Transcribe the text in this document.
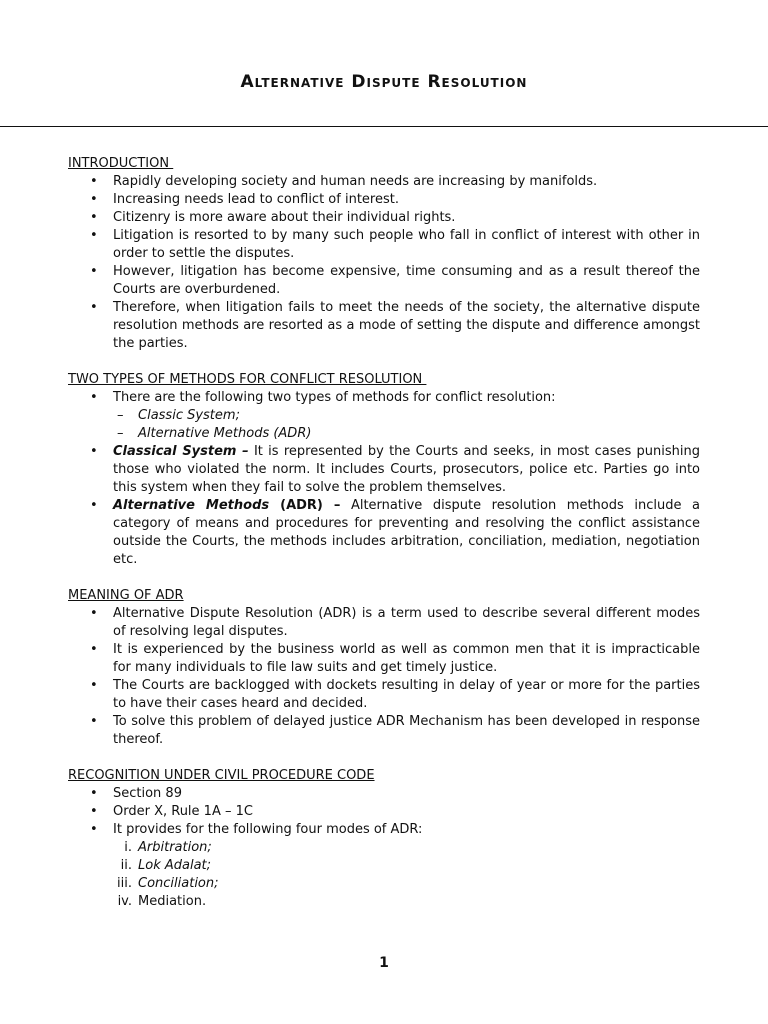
Alternative Dispute Resolution

INTRODUCTION

• Rapidly developing society and human needs are increasing by manifolds.
• Increasing needs lead to conflict of interest.
• Citizenry is more aware about their individual rights.
• Litigation is resorted to by many such people who fall in conflict of interest with other in order to settle the disputes.
• However, litigation has become expensive, time consuming and as a result thereof the Courts are overburdened.
• Therefore, when litigation fails to meet the needs of the society, the alternative dispute resolution methods are resorted as a mode of setting the dispute and difference amongst the parties.

TWO TYPES OF METHODS FOR CONFLICT RESOLUTION

• There are the following two types of methods for conflict resolution:
– Classic System;
– Alternative Methods (ADR)
• Classical System – It is represented by the Courts and seeks, in most cases punishing those who violated the norm. It includes Courts, prosecutors, police etc. Parties go into this system when they fail to solve the problem themselves.
• Alternative Methods (ADR) – Alternative dispute resolution methods include a category of means and procedures for preventing and resolving the conflict assistance outside the Courts, the methods includes arbitration, conciliation, mediation, negotiation etc.

MEANING OF ADR

• Alternative Dispute Resolution (ADR) is a term used to describe several different modes of resolving legal disputes.
• It is experienced by the business world as well as common men that it is impracticable for many individuals to file law suits and get timely justice.
• The Courts are backlogged with dockets resulting in delay of year or more for the parties to have their cases heard and decided.
• To solve this problem of delayed justice ADR Mechanism has been developed in response thereof.

RECOGNITION UNDER CIVIL PROCEDURE CODE

• Section 89
• Order X, Rule 1A – 1C
• It provides for the following four modes of ADR:
i. Arbitration;
ii. Lok Adalat;
iii. Conciliation;
iv. Mediation.
1
